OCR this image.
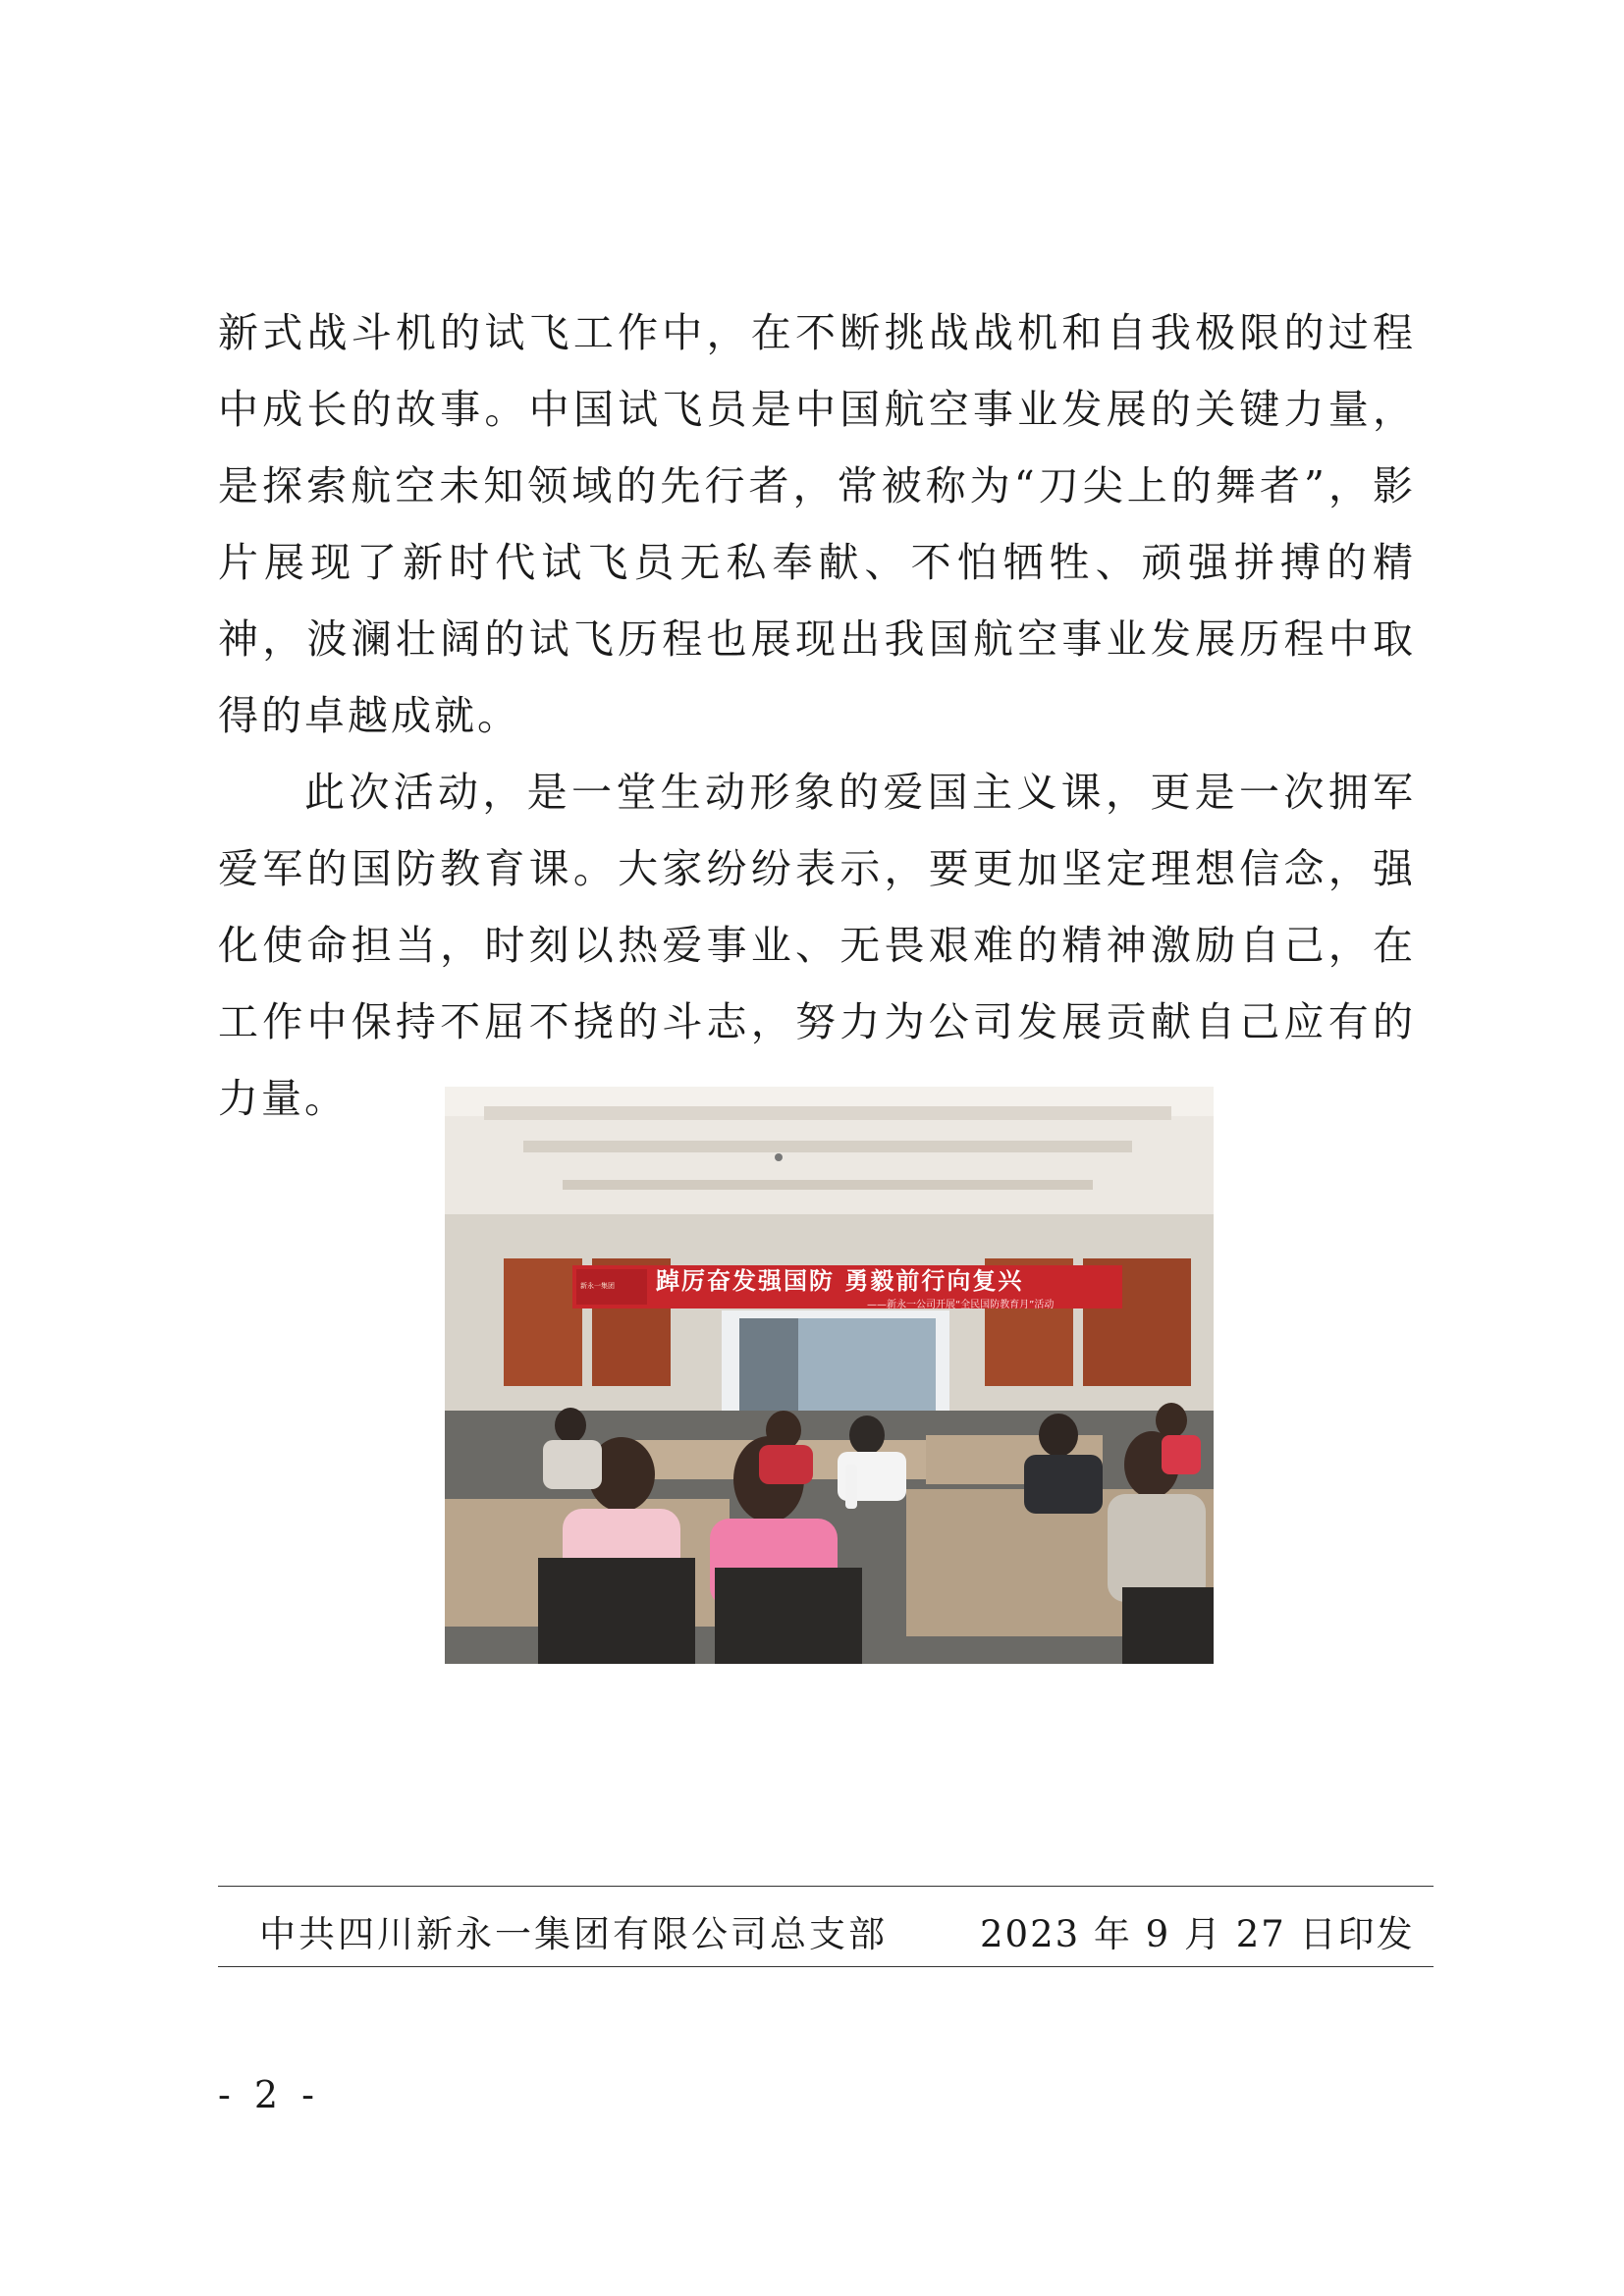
新式战斗机的试飞工作中，在不断挑战战机和自我极限的过程中成长的故事。中国试飞员是中国航空事业发展的关键力量，是探索航空未知领域的先行者，常被称为“刀尖上的舞者”，影片展现了新时代试飞员无私奉献、不怕牺牲、顽强拼搏的精神，波澜壮阔的试飞历程也展现出我国航空事业发展历程中取得的卓越成就。

此次活动，是一堂生动形象的爱国主义课，更是一次拥军爱军的国防教育课。大家纷纷表示，要更加坚定理想信念，强化使命担当，时刻以热爱事业、无畏艰难的精神激励自己，在工作中保持不屈不挠的斗志，努力为公司发展贡献自己应有的力量。

新永一集团	踔厉奋发强国防 勇毅前行向复兴
——新永一公司开展“全民国防教育月”活动
中共四川新永一集团有限公司总支部	2023 年 9 月 27 日印发
- 2 -
